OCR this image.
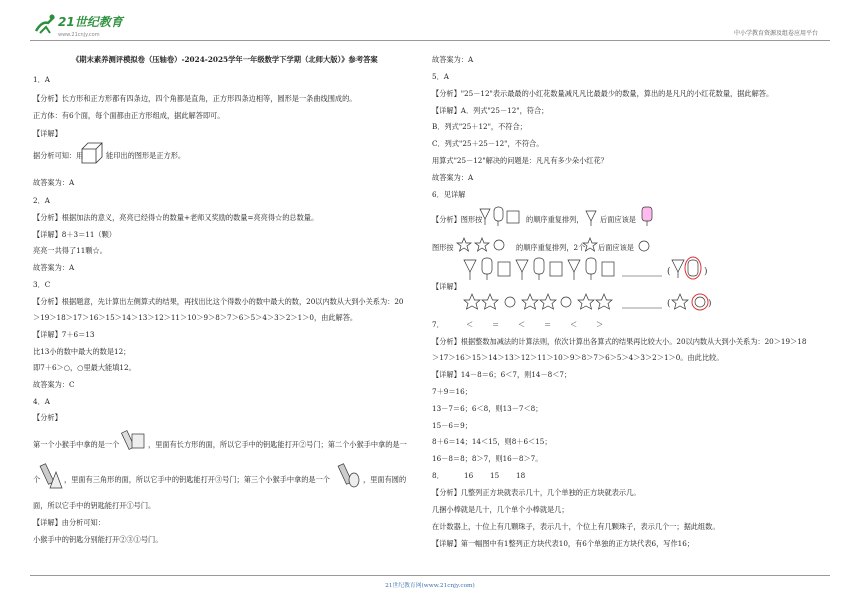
21世纪教育
www.21cnjy.com	中小学教育资源及组卷应用平台
《期末素养测评模拟卷（压轴卷）-2024-2025学年一年级数学下学期（北师大版）》参考答案
1．A
【分析】长方形和正方形都有四条边，四个角都是直角，正方形四条边相等，圆形是一条曲线围成的。
正方体：有6个面，每个面都由正方形组成，据此解答即可。
【详解】
据分析可知：用	能印出的图形是正方形。
故答案为：A
2．A
【分析】根据加法的意义，亮亮已经得☆的数量+老师又奖励的数量=亮亮得☆的总数量。
【详解】8＋3＝11（颗）
亮亮一共得了11颗☆。
故答案为：A
3．C
【分析】根据题意，先计算出左侧算式的结果，再找出比这个得数小的数中最大的数，20以内数从大到小关系为：20
＞19＞18＞17＞16＞15＞14＞13＞12＞11＞10＞9＞8＞7＞6＞5＞4＞3＞2＞1＞0，由此解答。
【详解】7＋6＝13
比13小的数中最大的数是12；
即7＋6＞○，○里最大能填12。
故答案为：C
4．A
【分析】
第一个小猴手中拿的是一个	，里面有长方形的面，所以它手中的钥匙能打开②号门；第二个小猴手中拿的是一
个	，里面有三角形的面，所以它手中的钥匙能打开③号门；第三个小猴手中拿的是一个	，里面有圆的
面，所以它手中的钥匙能打开①号门。
【详解】由分析可知：
小猴手中的钥匙分别能打开②③①号门。
故答案为：A
5．A
【分析】"25－12"表示最最的小红花数量减凡凡比最最少的数量，算出的是凡凡的小红花数量，据此解答。
【详解】A．列式"25－12"，符合；
B．列式"25＋12"，不符合；
C．列式"25＋25－12"，不符合。
用算式"25－12"解决的问题是：凡凡有多少朵小红花？
故答案为：A
6．见详解
【分析】图形按	的顺序重复排列， 后面应该是
图形按	的顺序重复排列，2个 后面应该是
【详解】
(	)
(	)
7．	＜	＝	＜	＝	＜	＞
【分析】根据整数加减法的计算法则，依次计算出各算式的结果再比较大小。20以内数从大到小关系为：20＞19＞18
＞17＞16＞15＞14＞13＞12＞11＞10＞9＞8＞7＞6＞5＞4＞3＞2＞1＞0。由此比较。
【详解】14－8＝6；6＜7，则14－8＜7；
7＋9＝16；
13－7＝6；6＜8，则13－7＜8；
15－6＝9；
8＋6＝14；14＜15，则8＋6＜15；
16－8＝8；8＞7，则16－8＞7。
8．	16 15 18
【分析】几整列正方块就表示几十，几个单独的正方块就表示几。
几捆小棒就是几十，几个单个小棒就是几；
在计数器上，十位上有几颗珠子，表示几十，个位上有几颗珠子，表示几个一；据此组数。
【详解】第一幅图中有1整列正方块代表10，有6个单独的正方块代表6，写作16；
21世纪教育网(www.21cnjy.com)
